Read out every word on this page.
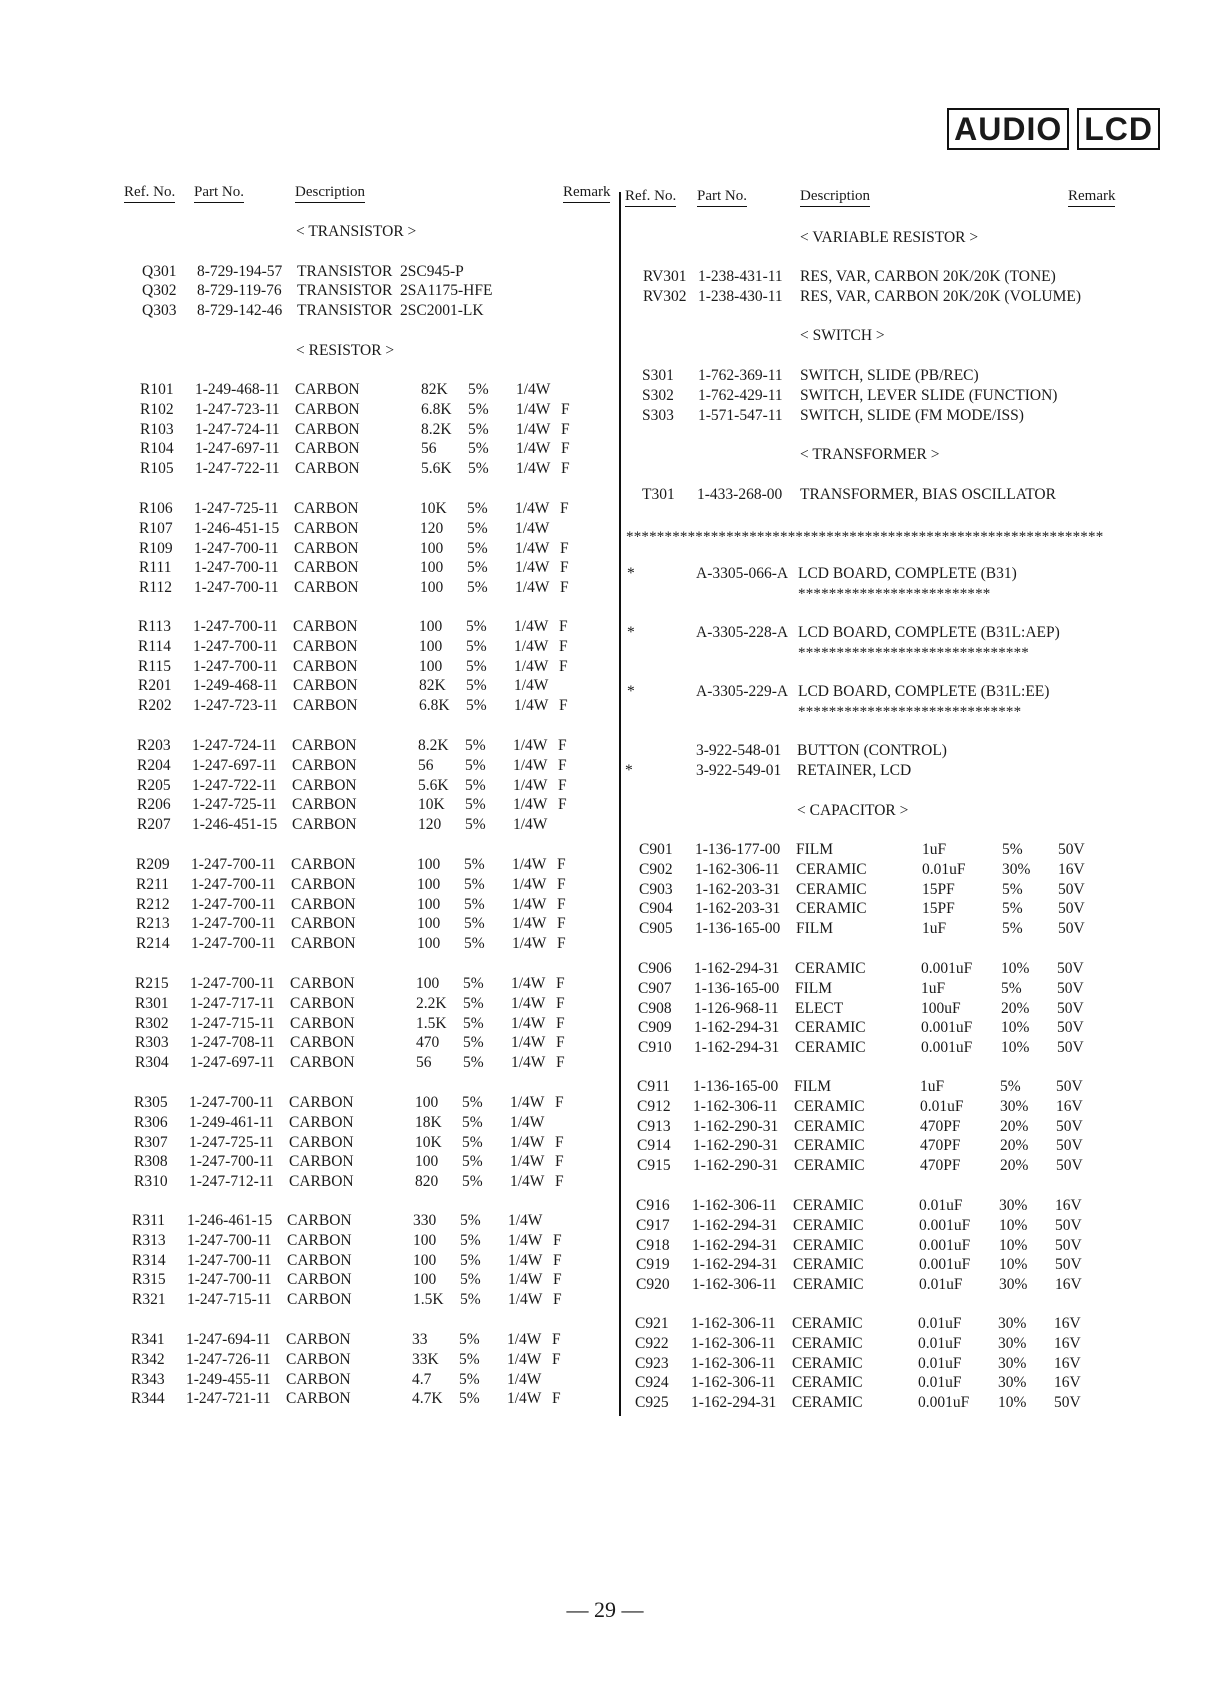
AUDIO LCD
Ref. No. Part No.	Description	Remark Ref. No. Part No.	Description	Remark
< TRANSISTOR >
Q301 8-729-194-57 TRANSISTOR 2SC945-P
Q302 8-729-119-76 TRANSISTOR 2SA1175-HFE
Q303 8-729-142-46 TRANSISTOR 2SC2001-LK
< RESISTOR >
R101 1-249-468-11 CARBON	82K 5% 1/4W
R102 1-247-723-11 CARBON	6.8K 5% 1/4W F
R103 1-247-724-11 CARBON	8.2K 5% 1/4W F
R104 1-247-697-11 CARBON	56 5% 1/4W F
R105 1-247-722-11 CARBON	5.6K 5% 1/4W F
R106 1-247-725-11 CARBON	10K 5% 1/4W F
R107 1-246-451-15 CARBON	120 5% 1/4W
R109 1-247-700-11 CARBON	100 5% 1/4W F
R111 1-247-700-11 CARBON	100 5% 1/4W F
R112 1-247-700-11 CARBON	100 5% 1/4W F
R113 1-247-700-11 CARBON	100 5% 1/4W F
R114 1-247-700-11 CARBON	100 5% 1/4W F
R115 1-247-700-11 CARBON	100 5% 1/4W F
R201 1-249-468-11 CARBON	82K 5% 1/4W
R202 1-247-723-11 CARBON	6.8K 5% 1/4W F
R203 1-247-724-11 CARBON	8.2K 5% 1/4W F
R204 1-247-697-11 CARBON	56 5% 1/4W F
R205 1-247-722-11 CARBON	5.6K 5% 1/4W F
R206 1-247-725-11 CARBON	10K 5% 1/4W F
R207 1-246-451-15 CARBON	120 5% 1/4W
R209 1-247-700-11 CARBON	100 5% 1/4W F
R211 1-247-700-11 CARBON	100 5% 1/4W F
R212 1-247-700-11 CARBON	100 5% 1/4W F
R213 1-247-700-11 CARBON	100 5% 1/4W F
R214 1-247-700-11 CARBON	100 5% 1/4W F
R215 1-247-700-11 CARBON	100 5% 1/4W F
R301 1-247-717-11 CARBON	2.2K 5% 1/4W F
R302 1-247-715-11 CARBON	1.5K 5% 1/4W F
R303 1-247-708-11 CARBON	470 5% 1/4W F
R304 1-247-697-11 CARBON	56 5% 1/4W F
R305 1-247-700-11 CARBON	100 5% 1/4W F
R306 1-249-461-11 CARBON	18K 5% 1/4W
R307 1-247-725-11 CARBON	10K 5% 1/4W F
R308 1-247-700-11 CARBON	100 5% 1/4W F
R310 1-247-712-11 CARBON	820 5% 1/4W F
R311 1-246-461-15 CARBON	330 5% 1/4W
R313 1-247-700-11 CARBON	100 5% 1/4W F
R314 1-247-700-11 CARBON	100 5% 1/4W F
R315 1-247-700-11 CARBON	100 5% 1/4W F
R321 1-247-715-11 CARBON	1.5K 5% 1/4W F
R341 1-247-694-11 CARBON	33 5% 1/4W F
R342 1-247-726-11 CARBON	33K 5% 1/4W F
R343 1-249-455-11 CARBON	4.7 5% 1/4W
R344 1-247-721-11 CARBON	4.7K 5% 1/4W F
< VARIABLE RESISTOR >
RV301 1-238-431-11 RES, VAR, CARBON 20K/20K (TONE)
RV302 1-238-430-11 RES, VAR, CARBON 20K/20K (VOLUME)
< SWITCH >
S301 1-762-369-11 SWITCH, SLIDE (PB/REC)
S302 1-762-429-11 SWITCH, LEVER SLIDE (FUNCTION)
S303 1-571-547-11 SWITCH, SLIDE (FM MODE/ISS)
< TRANSFORMER >
T301 1-433-268-00 TRANSFORMER, BIAS OSCILLATOR
**************************************************************
*	A-3305-066-A LCD BOARD, COMPLETE (B31)
*************************
*	A-3305-228-A LCD BOARD, COMPLETE (B31L:AEP)
******************************
*	A-3305-229-A LCD BOARD, COMPLETE (B31L:EE)
*****************************
3-922-548-01 BUTTON (CONTROL)
*	3-922-549-01 RETAINER, LCD
< CAPACITOR >
C901 1-136-177-00 FILM	1uF	5% 50V
C902 1-162-306-11 CERAMIC	0.01uF 30% 16V
C903 1-162-203-31 CERAMIC	15PF	5% 50V
C904 1-162-203-31 CERAMIC	15PF	5% 50V
C905 1-136-165-00 FILM	1uF	5% 50V
C906 1-162-294-31 CERAMIC	0.001uF 10% 50V
C907 1-136-165-00 FILM	1uF	5% 50V
C908 1-126-968-11 ELECT	100uF	20% 50V
C909 1-162-294-31 CERAMIC	0.001uF 10% 50V
C910 1-162-294-31 CERAMIC	0.001uF 10% 50V
C911 1-136-165-00 FILM	1uF	5% 50V
C912 1-162-306-11 CERAMIC	0.01uF 30% 16V
C913 1-162-290-31 CERAMIC	470PF	20% 50V
C914 1-162-290-31 CERAMIC	470PF	20% 50V
C915 1-162-290-31 CERAMIC	470PF	20% 50V
C916 1-162-306-11 CERAMIC	0.01uF 30% 16V
C917 1-162-294-31 CERAMIC	0.001uF 10% 50V
C918 1-162-294-31 CERAMIC	0.001uF 10% 50V
C919 1-162-294-31 CERAMIC	0.001uF 10% 50V
C920 1-162-306-11 CERAMIC	0.01uF 30% 16V
C921 1-162-306-11 CERAMIC	0.01uF 30% 16V
C922 1-162-306-11 CERAMIC	0.01uF 30% 16V
C923 1-162-306-11 CERAMIC	0.01uF 30% 16V
C924 1-162-306-11 CERAMIC	0.01uF 30% 16V
C925 1-162-294-31 CERAMIC	0.001uF 10% 50V
— 29 —
